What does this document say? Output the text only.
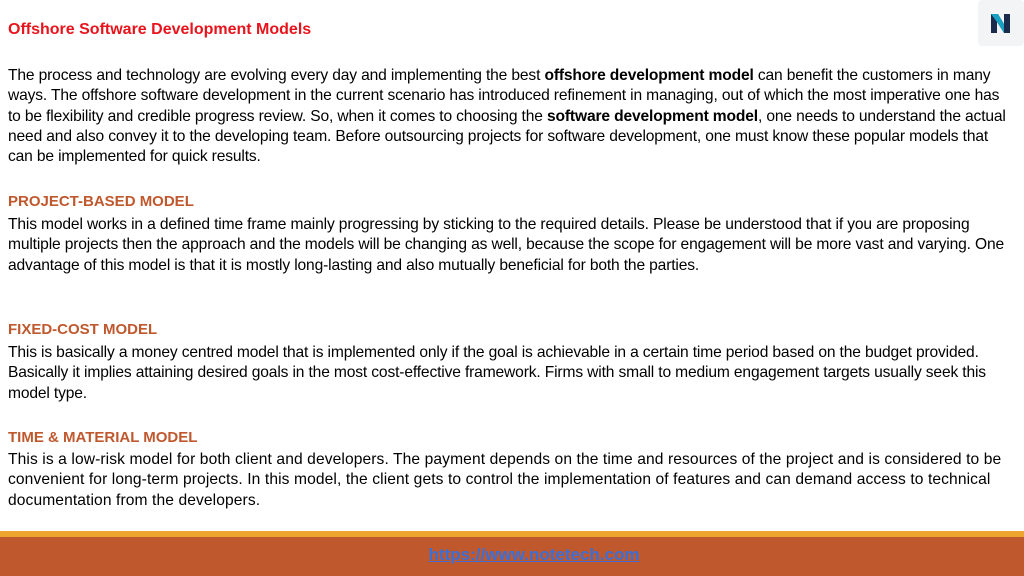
Offshore Software Development Models

The process and technology are evolving every day and implementing the best offshore development model can benefit the customers in many ways. The offshore software development in the current scenario has introduced refinement in managing, out of which the most imperative one has to be flexibility and credible progress review. So, when it comes to choosing the software development model, one needs to understand the actual need and also convey it to the developing team. Before outsourcing projects for software development, one must know these popular models that can be implemented for quick results.

PROJECT-BASED MODEL

This model works in a defined time frame mainly progressing by sticking to the required details. Please be understood that if you are proposing multiple projects then the approach and the models will be changing as well, because the scope for engagement will be more vast and varying. One advantage of this model is that it is mostly long-lasting and also mutually beneficial for both the parties.

FIXED-COST MODEL

This is basically a money centred model that is implemented only if the goal is achievable in a certain time period based on the budget provided. Basically it implies attaining desired goals in the most cost-effective framework. Firms with small to medium engagement targets usually seek this model type.

TIME & MATERIAL MODEL

This is a low-risk model for both client and developers. The payment depends on the time and resources of the project and is considered to be convenient for long-term projects. In this model, the client gets to control the implementation of features and can demand access to technical documentation from the developers.

https://www.notetech.com
